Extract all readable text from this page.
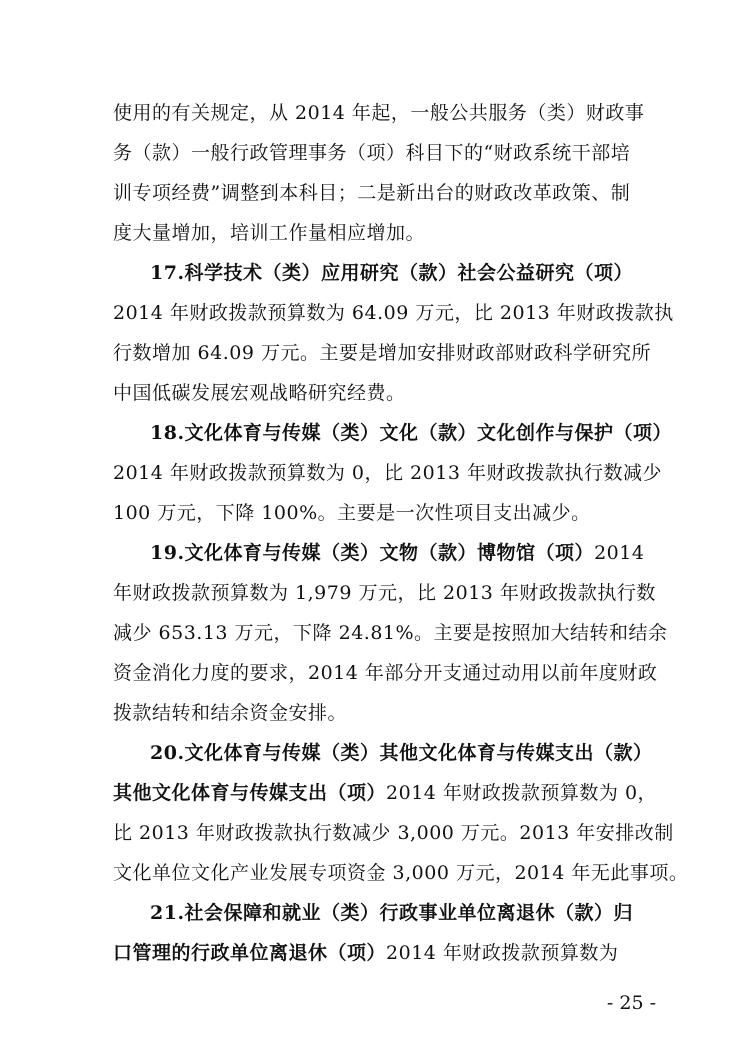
使用的有关规定，从 2014 年起，一般公共服务（类）财政事
务（款）一般行政管理事务（项）科目下的“财政系统干部培
训专项经费”调整到本科目；二是新出台的财政改革政策、制
度大量增加，培训工作量相应增加。
17.科学技术（类）应用研究（款）社会公益研究（项）
2014 年财政拨款预算数为 64.09 万元，比 2013 年财政拨款执
行数增加 64.09 万元。主要是增加安排财政部财政科学研究所
中国低碳发展宏观战略研究经费。
18.文化体育与传媒（类）文化（款）文化创作与保护（项）
2014 年财政拨款预算数为 0，比 2013 年财政拨款执行数减少
100 万元，下降 100%。主要是一次性项目支出减少。
19.文化体育与传媒（类）文物（款）博物馆（项）2014
年财政拨款预算数为 1,979 万元，比 2013 年财政拨款执行数
减少 653.13 万元，下降 24.81%。主要是按照加大结转和结余
资金消化力度的要求，2014 年部分开支通过动用以前年度财政
拨款结转和结余资金安排。
20.文化体育与传媒（类）其他文化体育与传媒支出（款）
其他文化体育与传媒支出（项）2014 年财政拨款预算数为 0，
比 2013 年财政拨款执行数减少 3,000 万元。2013 年安排改制
文化单位文化产业发展专项资金 3,000 万元，2014 年无此事项。
21.社会保障和就业（类）行政事业单位离退休（款）归
口管理的行政单位离退休（项）2014 年财政拨款预算数为
- 25 -
